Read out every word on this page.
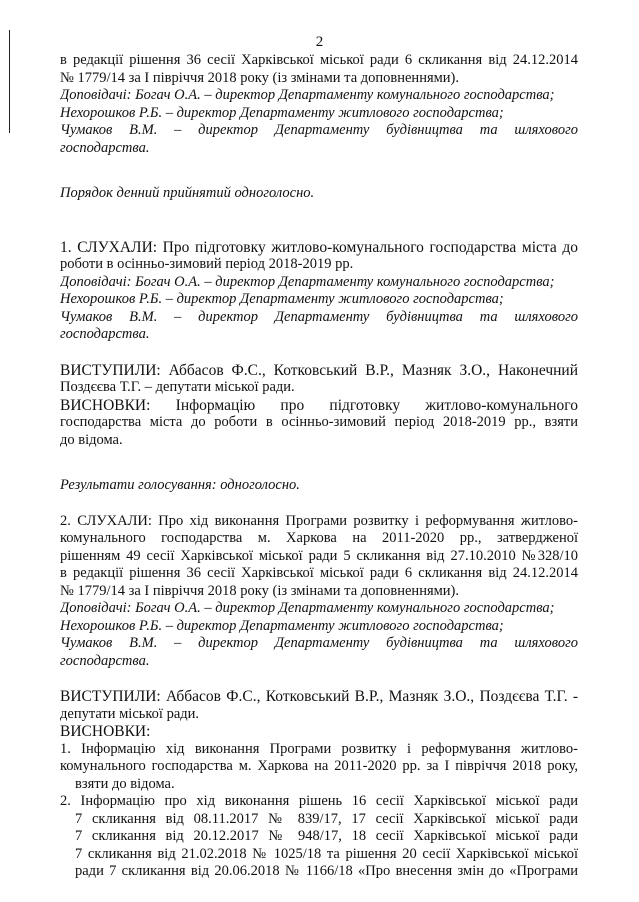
2
в редакції рішення 36 сесії Харківської міської ради 6 скликання від 24.12.2014
№ 1779/14 за І півріччя 2018 року (із змінами та доповненнями).
Доповідачі: Богач О.А. – директор Департаменту комунального господарства;
Нехорошков Р.Б. – директор Департаменту житлового господарства;
Чумаков В.М. – директор Департаменту будівництва та шляхового
господарства.
Порядок денний прийнятий одноголосно.
1. СЛУХАЛИ: Про підготовку житлово-комунального господарства міста до
роботи в осінньо-зимовий період 2018-2019 рр.
Доповідачі: Богач О.А. – директор Департаменту комунального господарства;
Нехорошков Р.Б. – директор Департаменту житлового господарства;
Чумаков В.М. – директор Департаменту будівництва та шляхового
господарства.
ВИСТУПИЛИ: Аббасов Ф.С., Котковський В.Р., Мазняк З.О., Наконечний
Поздєєва Т.Г. – депутати міської ради.
ВИСНОВКИ: Інформацію про підготовку житлово-комунального
господарства міста до роботи в осінньо-зимовий період 2018-2019 рр., взяти
до відома.
Результати голосування: одноголосно.
2. СЛУХАЛИ: Про хід виконання Програми розвитку і реформування житлово-
комунального господарства м. Харкова на 2011-2020 рр., затвердженої
рішенням 49 сесії Харківської міської ради 5 скликання від 27.10.2010 №328/10
в редакції рішення 36 сесії Харківської міської ради 6 скликання від 24.12.2014
№ 1779/14 за І півріччя 2018 року (із змінами та доповненнями).
Доповідачі: Богач О.А. – директор Департаменту комунального господарства;
Нехорошков Р.Б. – директор Департаменту житлового господарства;
Чумаков В.М. – директор Департаменту будівництва та шляхового
господарства.
ВИСТУПИЛИ: Аббасов Ф.С., Котковський В.Р., Мазняк З.О., Поздєєва Т.Г. -
депутати міської ради.
ВИСНОВКИ:
1. Інформацію хід виконання Програми розвитку і реформування житлово-
комунального господарства м. Харкова на 2011-2020 рр. за І півріччя 2018 року,
взяти до відома.
2. Інформацію про хід виконання рішень 16 сесії Харківської міської ради
7 скликання від 08.11.2017 № 839/17, 17 сесії Харківської міської ради
7 скликання від 20.12.2017 № 948/17, 18 сесії Харківської міської ради
7 скликання від 21.02.2018 № 1025/18 та рішення 20 сесії Харківської міської
ради 7 скликання від 20.06.2018 № 1166/18 «Про внесення змін до «Програми
